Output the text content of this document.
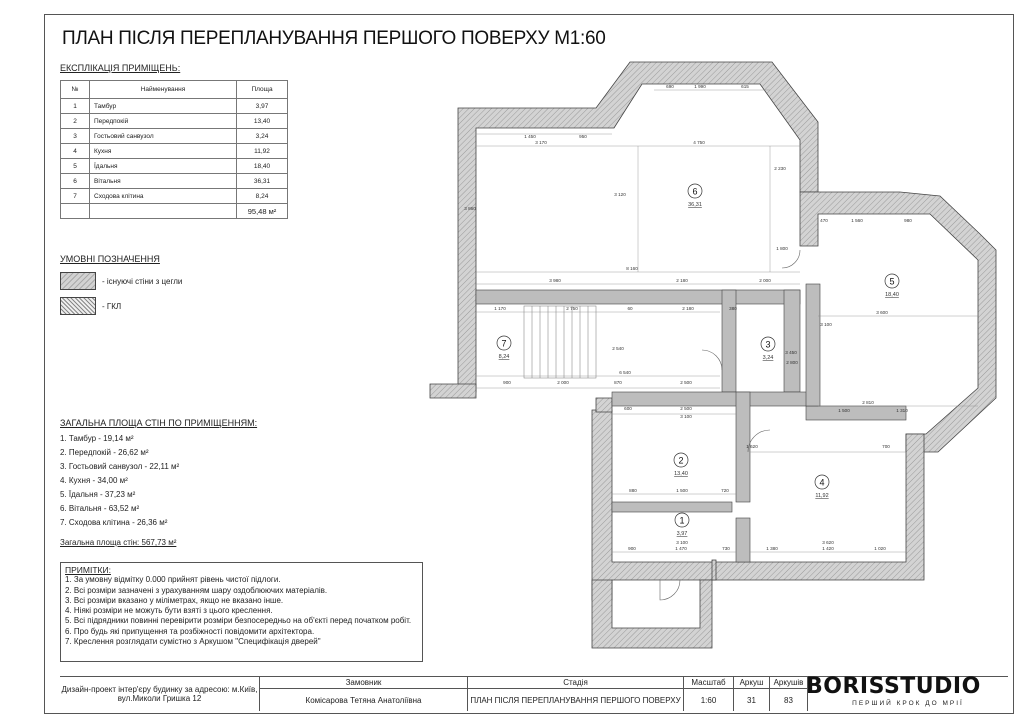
ПЛАН ПІСЛЯ ПЕРЕПЛАНУВАННЯ ПЕРШОГО ПОВЕРХУ М1:60
ЕКСПЛІКАЦІЯ ПРИМІЩЕНЬ:
№	Найменування	Площа
1	Тамбур	3,97
2	Передпокій	13,40
3	Гостьовий санвузол	3,24
4	Кухня	11,92
5	Їдальня	18,40
6	Вітальня	36,31
7	Сходова клітина	8,24
		95,48 м²
УМОВНІ ПОЗНАЧЕННЯ
- існуючі стіни з цегли
- ГКЛ
ЗАГАЛЬНА ПЛОЩА СТІН ПО ПРИМІЩЕННЯМ:
1. Тамбур - 19,14 м²
2. Передпокій - 26,62 м²
3. Гостьовий санвузол - 22,11 м²
4. Кухня - 34,00 м²
5. Їдальня - 37,23 м²
6. Вітальня - 63,52 м²
7. Сходова клітина - 26,36 м²
Загальна площа стін: 567,73 м²
ПРИМІТКИ:
1. За умовну відмітку 0.000 прийнят рівень чистої підлоги.
2. Всі розміри зазначені з урахуванням шару оздоблюючих матеріалів.
3. Всі розміри вказано у міліметрах, якщо не вказано інше.
4. Ніякі розміри не можуть бути взяті з цього креслення.
5. Всі підрядники повинні перевірити розміри безпосередньо на об'єкті перед початком робіт.
6. Про будь які припущення та розбіжності повідомити архітектора.
7. Креслення розглядати сумістно з Аркушом "Специфікація дверей"
1 990
690	615
1 450	950
3 170	4 750
3 120
2 230
8 160
3 980	2 180	2 000
3 860
1 170	2 750	60	2 180	380
2 540
6 540
870	2 500
2 000
900
2 500
3 100
600
1 500
880	720
3 100
1 470	730
900	1 380	1 420	1 020
3 620
1 620	700
2 810
1 500	1 310
3 600
1 560	980
3 100
3 450
2 800
1 800
470
1
3,97
2
13,40
3
3,24
4
11,92
5
18,40
6
36,31
7
8,24
Дизайн-проект інтер'єру будинку за адресою: м.Київ, вул.Миколи Гришка 12
Замовник
Комісарова Тетяна Анатоліївна
Стадія
ПЛАН ПІСЛЯ ПЕРЕПЛАНУВАННЯ ПЕРШОГО ПОВЕРХУ
Масштаб
1:60
Аркуш
31
Аркушів
83
BORISSTUDIO
ПЕРШИЙ КРОК ДО МРІЇ
